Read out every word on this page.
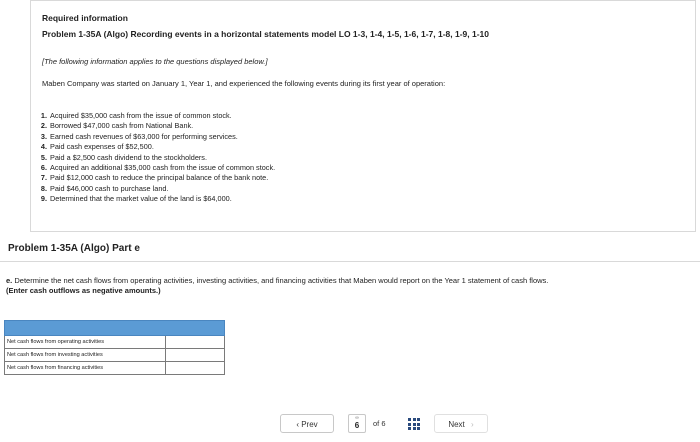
Required information
Problem 1-35A (Algo) Recording events in a horizontal statements model LO 1-3, 1-4, 1-5, 1-6, 1-7, 1-8, 1-9, 1-10
[The following information applies to the questions displayed below.]
Maben Company was started on January 1, Year 1, and experienced the following events during its first year of operation:
1. Acquired $35,000 cash from the issue of common stock.
2. Borrowed $47,000 cash from National Bank.
3. Earned cash revenues of $63,000 for performing services.
4. Paid cash expenses of $52,500.
5. Paid a $2,500 cash dividend to the stockholders.
6. Acquired an additional $35,000 cash from the issue of common stock.
7. Paid $12,000 cash to reduce the principal balance of the bank note.
8. Paid $46,000 cash to purchase land.
9. Determined that the market value of the land is $64,000.
Problem 1-35A (Algo) Part e
e. Determine the net cash flows from operating activities, investing activities, and financing activities that Maben would report on the Year 1 statement of cash flows. (Enter cash outflows as negative amounts.)

Net cash flows from operating activities	
Net cash flows from investing activities	
Net cash flows from financing activities	
‹ Prev
∞
6	of 6	Next ›
